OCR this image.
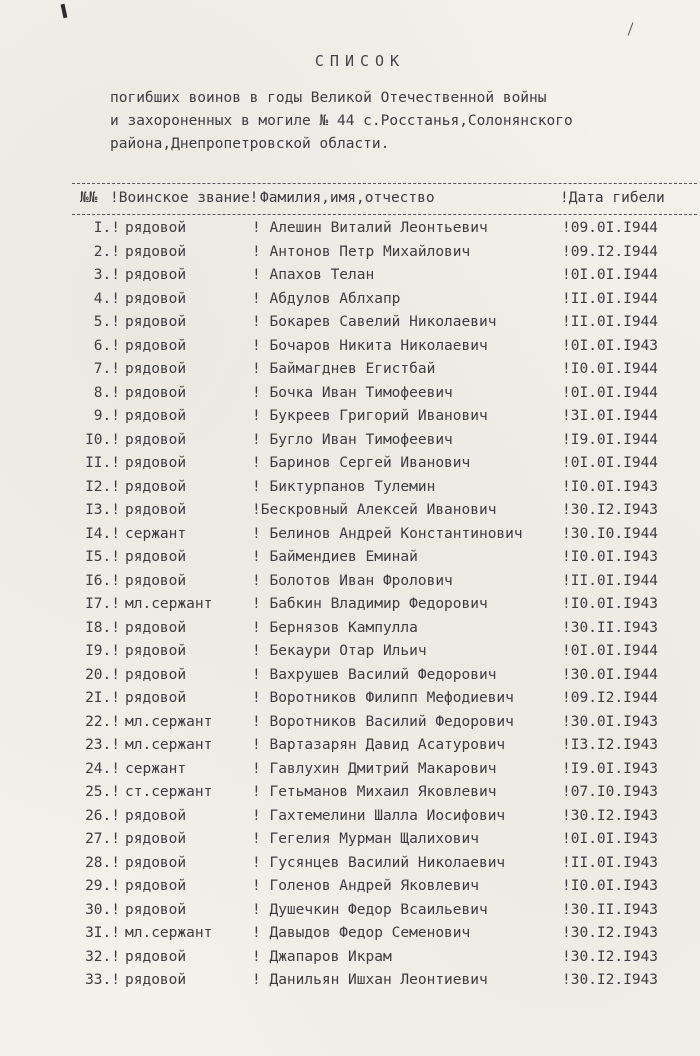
СПИСОК
погибших воинов в годы Великой Отечественной войны
и захороненных в могиле № 44 с.Росстанья,Солонянского
района,Днепропетровской области.
№№ !Воинское звание! Фамилия,имя,отчество	!Дата гибели
I.! рядовой	! Алешин Виталий Леонтьевич	!09.0I.I944
2.! рядовой	! Антонов Петр Михайлович	!09.I2.I944
3.! рядовой	! Апахов Телан	!0I.0I.I944
4.! рядовой	! Абдулов Аблхапр	!II.0I.I944
5.! рядовой	! Бокарев Савелий Николаевич	!II.0I.I944
6.! рядовой	! Бочаров Никита Николаевич	!0I.0I.I943
7.! рядовой	! Баймагднев Егистбай	!I0.0I.I944
8.! рядовой	! Бочка Иван Тимофеевич	!0I.0I.I944
9.! рядовой	! Букреев Григорий Иванович	!3I.0I.I944
I0.! рядовой	! Бугло Иван Тимофеевич	!I9.0I.I944
II.! рядовой	! Баринов Сергей Иванович	!0I.0I.I944
I2.! рядовой	! Биктурпанов Тулемин	!I0.0I.I943
I3.! рядовой	!Бескровный Алексей Иванович	!30.I2.I943
I4.! сержант	! Белинов Андрей Константинович	!30.I0.I944
I5.! рядовой	! Баймендиев Еминай	!I0.0I.I943
I6.! рядовой	! Болотов Иван Фролович	!II.0I.I944
I7.! мл.сержант	! Бабкин Владимир Федорович	!I0.0I.I943
I8.! рядовой	! Бернязов Кампулла	!30.II.I943
I9.! рядовой	! Бекаури Отар Ильич	!0I.0I.I944
20.! рядовой	! Вахрушев Василий Федорович	!30.0I.I944
2I.! рядовой	! Воротников Филипп Мефодиевич	!09.I2.I944
22.! мл.сержант	! Воротников Василий Федорович	!30.0I.I943
23.! мл.сержант	! Вартазарян Давид Асатурович	!I3.I2.I943
24.! сержант	! Гавлухин Дмитрий Макарович	!I9.0I.I943
25.! ст.сержант	! Гетьманов Михаил Яковлевич	!07.I0.I943
26.! рядовой	! Гахтемелини Шалла Иосифович	!30.I2.I943
27.! рядовой	! Гегелия Мурман Щалихович	!0I.0I.I943
28.! рядовой	! Гусянцев Василий Николаевич	!II.0I.I943
29.! рядовой	! Голенов Андрей Яковлевич	!I0.0I.I943
30.! рядовой	! Душечкин Федор Всаильевич	!30.II.I943
3I.! мл.сержант	! Давыдов Федор Семенович	!30.I2.I943
32.! рядовой	! Джапаров Икрам	!30.I2.I943
33.! рядовой	! Данильян Ишхан Леонтиевич	!30.I2.I943
